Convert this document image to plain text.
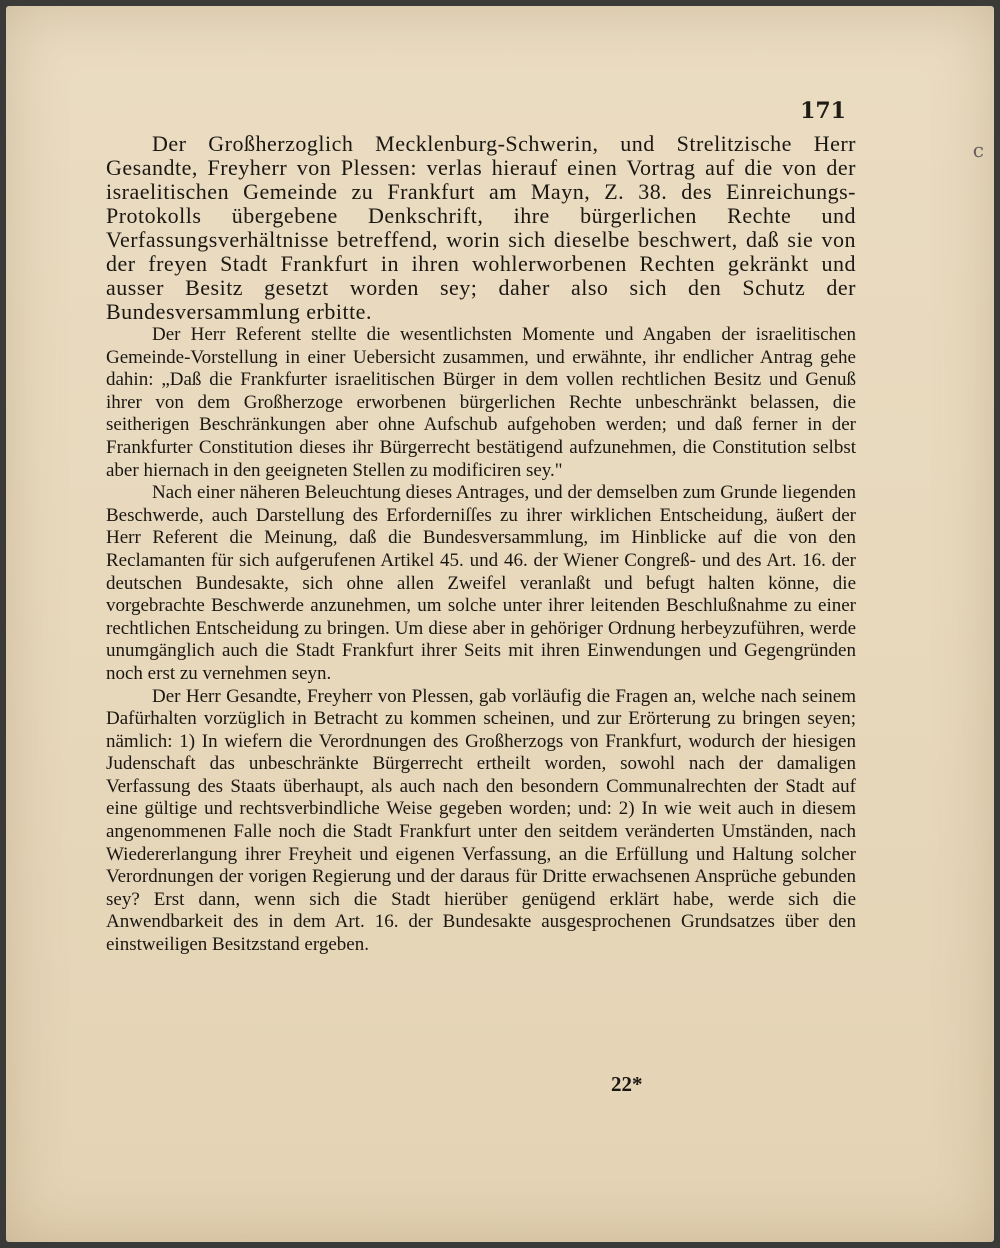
171

c

Der Großherzoglich Mecklenburg-Schwerin, und Strelitzische Herr Gesandte, Freyherr von Plessen: verlas hierauf einen Vortrag auf die von der israelitischen Gemeinde zu Frankfurt am Mayn, Z. 38. des Einreichungs-Protokolls übergebene Denkschrift, ihre bürgerlichen Rechte und Verfassungsverhältnisse betreffend, worin sich dieselbe beschwert, daß sie von der freyen Stadt Frankfurt in ihren wohlerworbenen Rechten gekränkt und ausser Besitz gesetzt worden sey; daher also sich den Schutz der Bundesversammlung erbitte.

Der Herr Referent stellte die wesentlichsten Momente und Angaben der israelitischen Gemeinde-Vorstellung in einer Uebersicht zusammen, und erwähnte, ihr endlicher Antrag gehe dahin: „Daß die Frankfurter israelitischen Bürger in dem vollen rechtlichen Besitz und Genuß ihrer von dem Großherzoge erworbenen bürgerlichen Rechte unbeschränkt belassen, die seitherigen Beschränkungen aber ohne Aufschub aufgehoben werden; und daß ferner in der Frankfurter Constitution dieses ihr Bürgerrecht bestätigend aufzunehmen, die Constitution selbst aber hiernach in den geeigneten Stellen zu modificiren sey."

Nach einer näheren Beleuchtung dieses Antrages, und der demselben zum Grunde liegenden Beschwerde, auch Darstellung des Erforderniſſes zu ihrer wirklichen Entscheidung, äußert der Herr Referent die Meinung, daß die Bundesversammlung, im Hinblicke auf die von den Reclamanten für sich aufgerufenen Artikel 45. und 46. der Wiener Congreß- und des Art. 16. der deutschen Bundesakte, sich ohne allen Zweifel veranlaßt und befugt halten könne, die vorgebrachte Beschwerde anzunehmen, um solche unter ihrer leitenden Beschlußnahme zu einer rechtlichen Entscheidung zu bringen. Um diese aber in gehöriger Ordnung herbeyzuführen, werde unumgänglich auch die Stadt Frankfurt ihrer Seits mit ihren Einwendungen und Gegengründen noch erst zu vernehmen seyn.

Der Herr Gesandte, Freyherr von Plessen, gab vorläufig die Fragen an, welche nach seinem Dafürhalten vorzüglich in Betracht zu kommen scheinen, und zur Erörterung zu bringen seyen; nämlich: 1) In wiefern die Verordnungen des Großherzogs von Frankfurt, wodurch der hiesigen Judenschaft das unbeschränkte Bürgerrecht ertheilt worden, sowohl nach der damaligen Verfassung des Staats überhaupt, als auch nach den besondern Communalrechten der Stadt auf eine gültige und rechtsverbindliche Weise gegeben worden; und: 2) In wie weit auch in diesem angenommenen Falle noch die Stadt Frankfurt unter den seitdem veränderten Umständen, nach Wiedererlangung ihrer Freyheit und eigenen Verfassung, an die Erfüllung und Haltung solcher Verordnungen der vorigen Regierung und der daraus für Dritte erwachsenen Ansprüche gebunden sey? Erst dann, wenn sich die Stadt hierüber genügend erklärt habe, werde sich die Anwendbarkeit des in dem Art. 16. der Bundesakte ausgesprochenen Grundsatzes über den einstweiligen Besitzstand ergeben.

22*
